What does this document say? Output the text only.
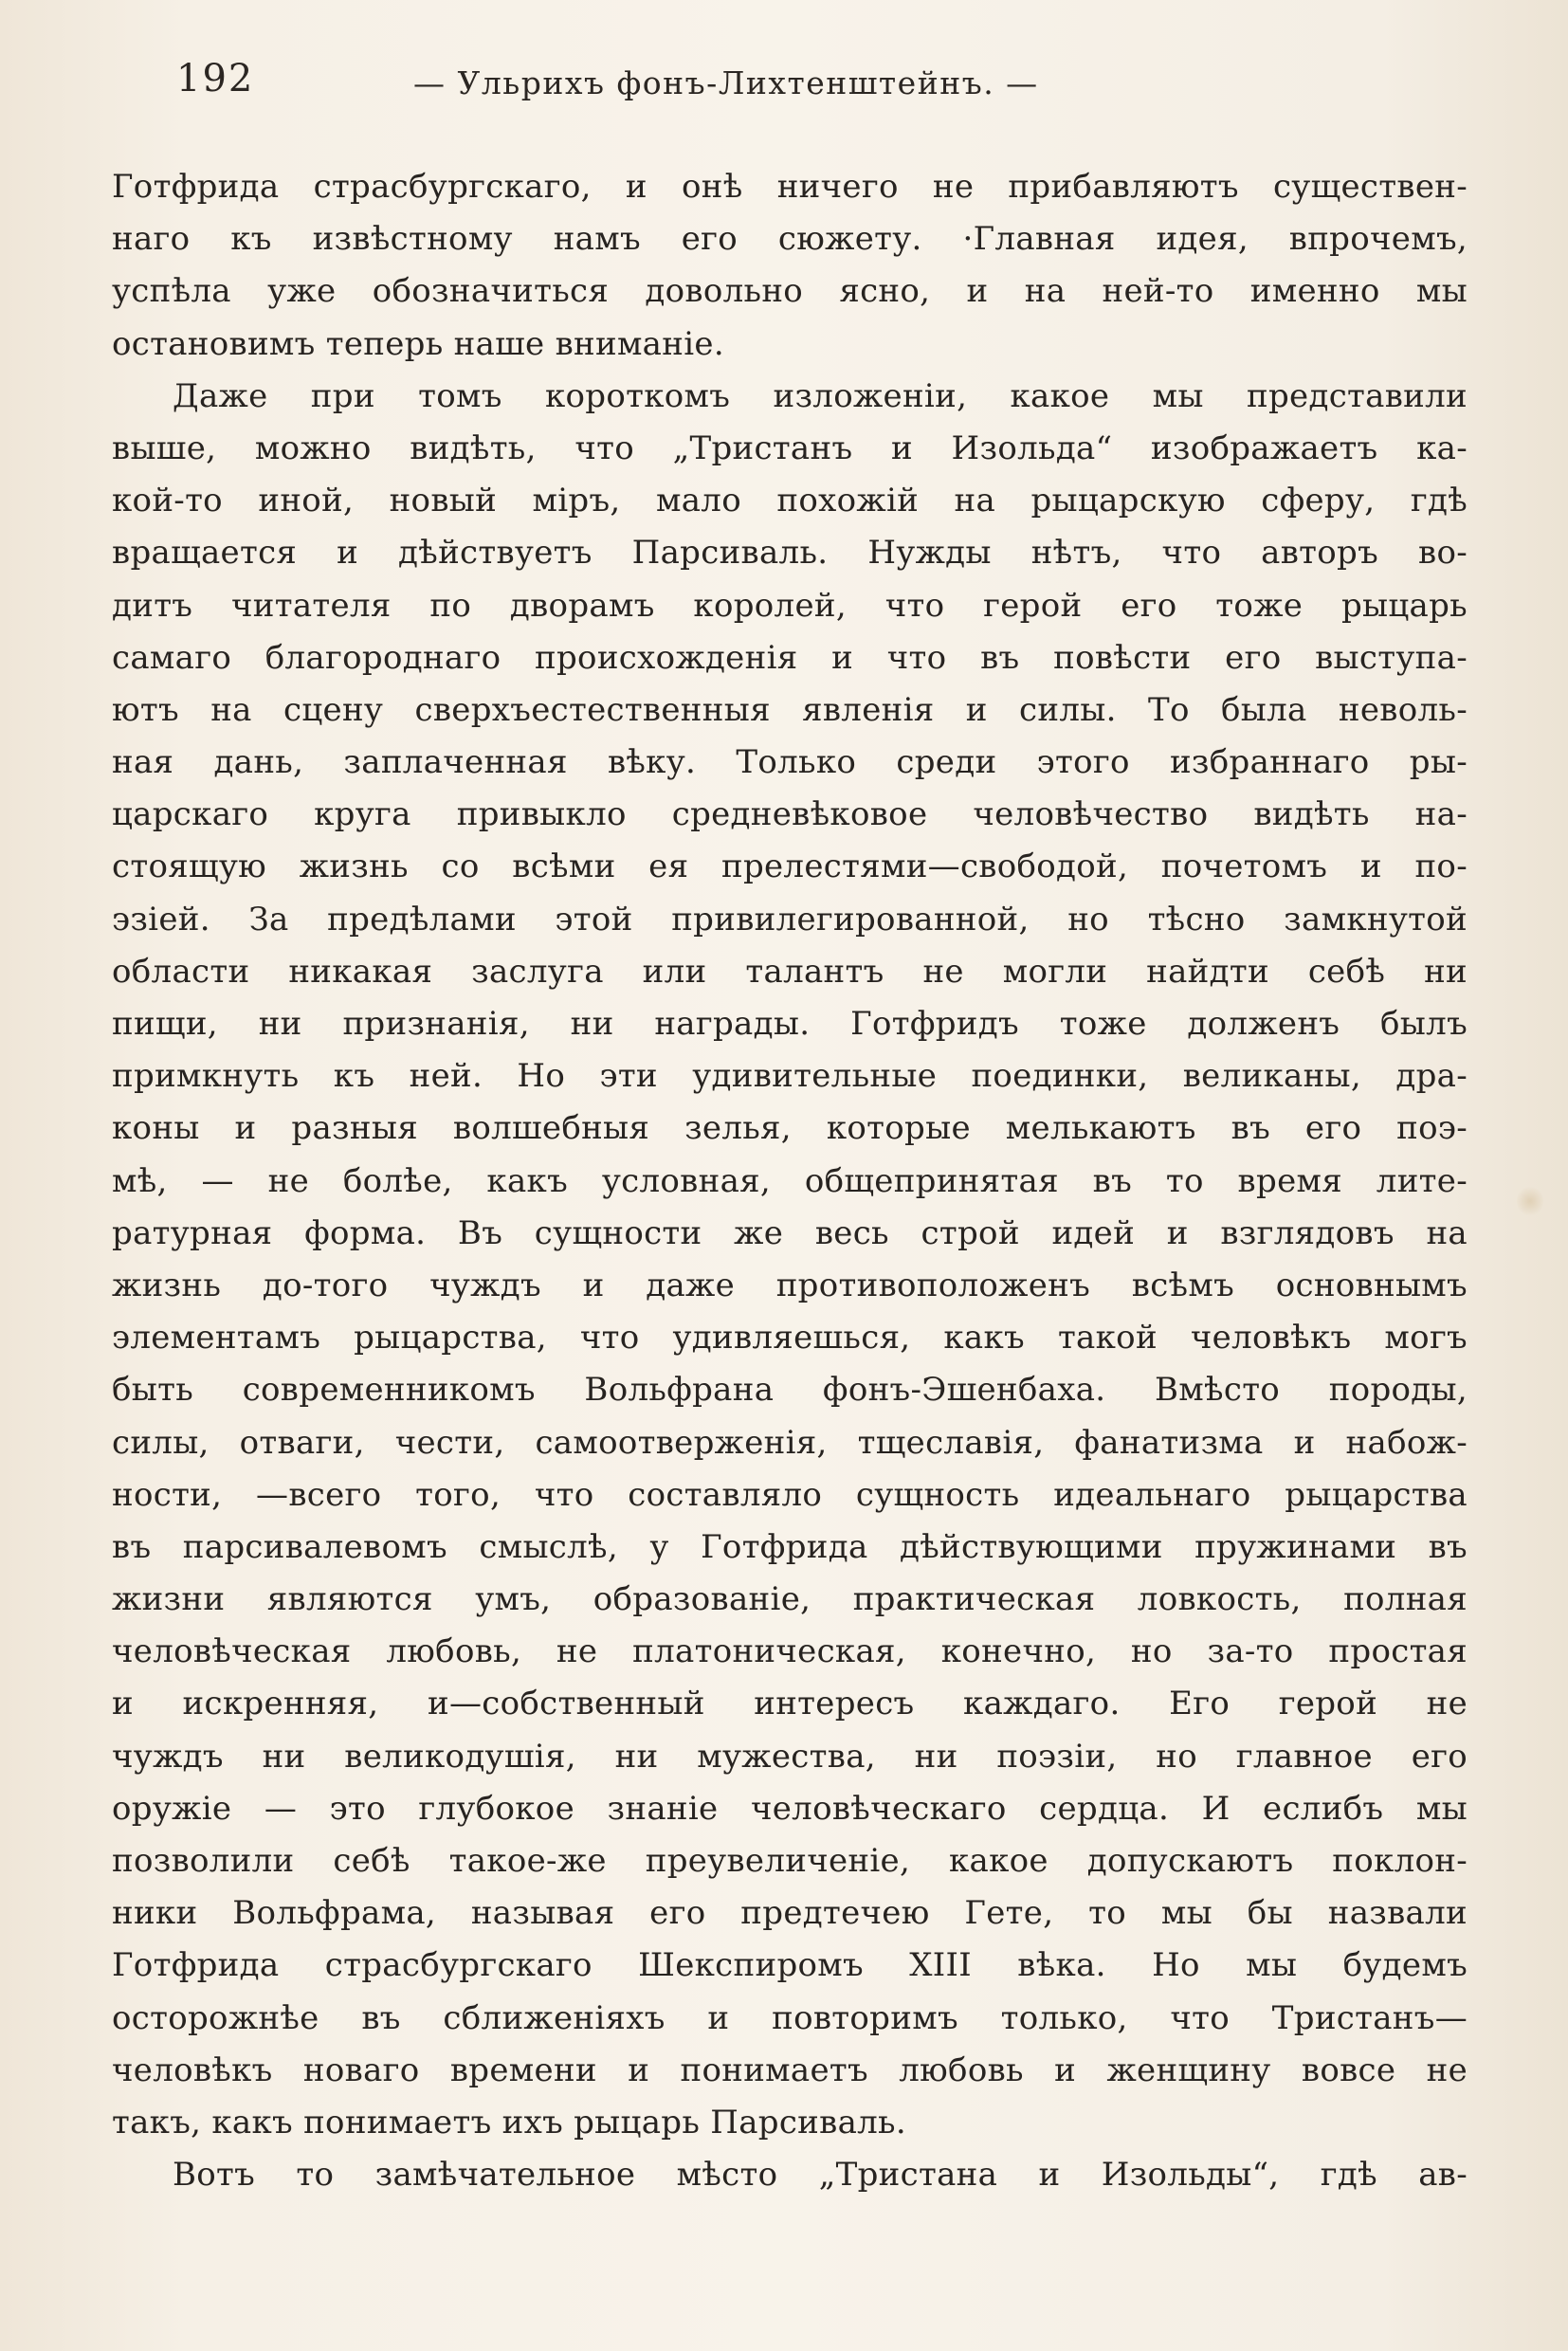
192	— Ульрихъ фонъ-Лихтенштейнъ. —
Готфрида страсбургскаго, и онѣ ничего не прибавляютъ существен-
наго къ извѣстному намъ его сюжету. ·Главная идея, впрочемъ,
успѣла уже обозначиться довольно ясно, и на ней-то именно мы
остановимъ теперь наше вниманіе.
Даже при томъ короткомъ изложеніи, какое мы представили
выше, можно видѣть, что „Тристанъ и Изольда“ изображаетъ ка-
кой-то иной, новый міръ, мало похожій на рыцарскую сферу, гдѣ
вращается и дѣйствуетъ Парсиваль. Нужды нѣтъ, что авторъ во-
дитъ читателя по дворамъ королей, что герой его тоже рыцарь
самаго благороднаго происхожденія и что въ повѣсти его выступа-
ютъ на сцену сверхъестественныя явленія и силы. То была неволь-
ная дань, заплаченная вѣку. Только среди этого избраннаго ры-
царскаго круга привыкло средневѣковое человѣчество видѣть на-
стоящую жизнь со всѣми ея прелестями—свободой, почетомъ и по-
эзіей. За предѣлами этой привилегированной, но тѣсно замкнутой
области никакая заслуга или талантъ не могли найдти себѣ ни
пищи, ни признанія, ни награды. Готфридъ тоже долженъ былъ
примкнуть къ ней. Но эти удивительные поединки, великаны, дра-
коны и разныя волшебныя зелья, которые мелькаютъ въ его поэ-
мѣ, — не болѣе, какъ условная, общепринятая въ то время лите-
ратурная форма. Въ сущности же весь строй идей и взглядовъ на
жизнь до-того чуждъ и даже противоположенъ всѣмъ основнымъ
элементамъ рыцарства, что удивляешься, какъ такой человѣкъ могъ
быть современникомъ Вольфрана фонъ-Эшенбаха. Вмѣсто породы,
силы, отваги, чести, самоотверженія, тщеславія, фанатизма и набож-
ности, —всего того, что составляло сущность идеальнаго рыцарства
въ парсивалевомъ смыслѣ, у Готфрида дѣйствующими пружинами въ
жизни являются умъ, образованіе, практическая ловкость, полная
человѣческая любовь, не платоническая, конечно, но за-то простая
и искренняя, и—собственный интересъ каждаго. Его герой не
чуждъ ни великодушія, ни мужества, ни поэзіи, но главное его
оружіе — это глубокое знаніе человѣческаго сердца. И еслибъ мы
позволили себѣ такое-же преувеличеніе, какое допускаютъ поклон-
ники Вольфрама, называя его предтечею Гете, то мы бы назвали
Готфрида страсбургскаго Шекспиромъ XIII вѣка. Но мы будемъ
осторожнѣе въ сближеніяхъ и повторимъ только, что Тристанъ—
человѣкъ новаго времени и понимаетъ любовь и женщину вовсе не
такъ, какъ понимаетъ ихъ рыцарь Парсиваль.
Вотъ то замѣчательное мѣсто „Тристана и Изольды“, гдѣ ав-
